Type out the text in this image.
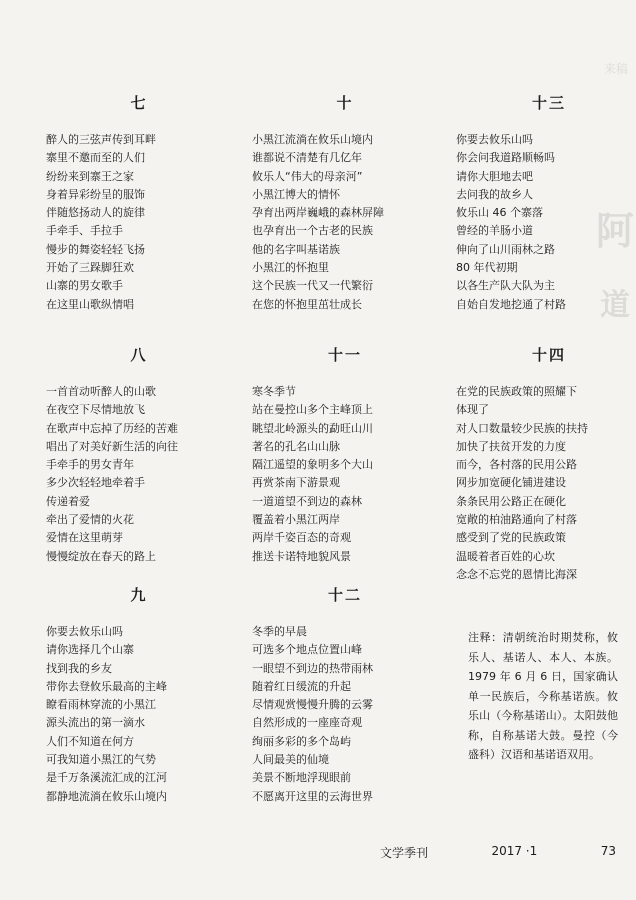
来稿
阿
道
七
醉人的三弦声传到耳畔
寨里不邀而至的人们
纷纷来到寨王之家
身着异彩纷呈的服饰
伴随悠扬动人的旋律
手牵手、手拉手
慢步的舞姿轻轻飞扬
开始了三跺脚狂欢
山寨的男女歌手
在这里山歌纵情唱
十
小黑江流淌在攸乐山境内
谁都说不清楚有几亿年
攸乐人“伟大的母亲河”
小黑江博大的情怀
孕育出两岸巍峨的森林屏障
也孕育出一个古老的民族
他的名字叫基诺族
小黑江的怀抱里
这个民族一代又一代繁衍
在您的怀抱里茁壮成长
十三
你要去攸乐山吗
你会问我道路顺畅吗
请你大胆地去吧
去问我的故乡人
攸乐山 46 个寨落
曾经的羊肠小道
伸向了山川雨林之路
80 年代初期
以各生产队大队为主
自始自发地挖通了村路
八
一首首动听醉人的山歌
在夜空下尽情地放飞
在歌声中忘掉了历经的苦难
唱出了对美好新生活的向往
手牵手的男女青年
多少次轻轻地牵着手
传递着爱
牵出了爱情的火花
爱情在这里萌芽
慢慢绽放在春天的路上
十一
寒冬季节
站在曼控山多个主峰顶上
眺望北岭源头的勐旺山川
著名的孔名山山脉
隔江遥望的象明多个大山
再赏茶南下游景观
一道道望不到边的森林
覆盖着小黑江两岸
两岸千姿百态的奇观
推送卡诺特地貌风景
十四
在党的民族政策的照耀下
体现了
对人口数量较少民族的扶持
加快了扶贫开发的力度
而今，各村落的民用公路
网步加宽硬化铺进建设
条条民用公路正在硬化
宽敞的柏油路通向了村落
感受到了党的民族政策
温暖着者百姓的心坎
念念不忘党的恩情比海深
九
你要去攸乐山吗
请你选择几个山寨
找到我的乡友
带你去登攸乐最高的主峰
瞭看雨林穿流的小黑江
源头流出的第一滴水
人们不知道在何方
可我知道小黑江的气势
是千万条溪流汇成的江河
都静地流淌在攸乐山境内
十二
冬季的早晨
可选多个地点位置山峰
一眼望不到边的热带雨林
随着红日缓流的升起
尽情观赏慢慢升腾的云雾
自然形成的一座座奇观
绚丽多彩的多个岛屿
人间最美的仙境
美景不断地浮现眼前
不愿离开这里的云海世界
注释：清朝统治时期焚称，攸乐人、基诺人、本人、本族。1979 年 6 月 6 日，国家确认单一民族后，今称基诺族。攸乐山（今称基诺山）。太阳鼓他称，自称基诺大鼓。曼控（今盛科）汉语和基诺语双用。
文学季刊	2017 ·1	73
